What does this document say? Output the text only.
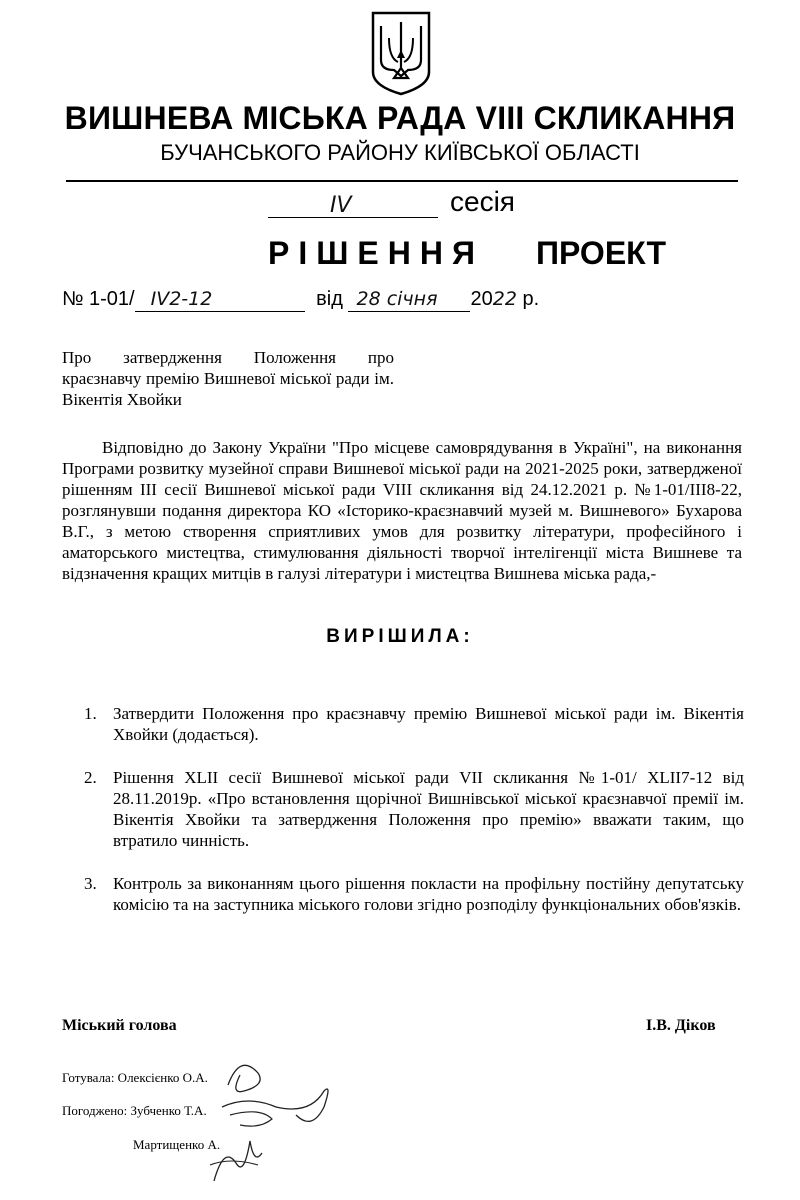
ВИШНЕВА МІСЬКА РАДА VIII СКЛИКАННЯ
БУЧАНСЬКОГО РАЙОНУ КИЇВСЬКОЇ ОБЛАСТІ
IV	сесія
РІШЕННЯ ПРОЕКТ
№ 1-01/ IV2-12	від 28 січня 2022 р.
Про затвердження Положення про краєзнавчу премію Вишневої міської ради ім. Вікентія Хвойки
Відповідно до Закону України "Про місцеве самоврядування в Україні", на виконання Програми розвитку музейної справи Вишневої міської ради на 2021-2025 роки, затвердженої рішенням III сесії Вишневої міської ради VIII скликання від 24.12.2021 р. №1-01/III8-22, розглянувши подання директора КО «Історико-краєзнавчий музей м. Вишневого» Бухарова В.Г., з метою створення сприятливих умов для розвитку літератури, професійного і аматорського мистецтва, стимулювання діяльності творчої інтелігенції міста Вишневе та відзначення кращих митців в галузі літератури і мистецтва Вишнева міська рада,-
ВИРІШИЛА:
1. Затвердити Положення про краєзнавчу премію Вишневої міської ради ім. Вікентія Хвойки (додається).
2. Рішення XLII сесії Вишневої міської ради VII скликання №1-01/ XLII7-12 від 28.11.2019р. «Про встановлення щорічної Вишнівської міської краєзнавчої премії ім. Вікентія Хвойки та затвердження Положення про премію» вважати таким, що втратило чинність.
3. Контроль за виконанням цього рішення покласти на профільну постійну депутатську комісію та на заступника міського голови згідно розподілу функціональних обов'язків.
Міський голова	І.В. Діков
Готувала: Олексієнко О.А.
Погоджено: Зубченко Т.А.
Мартищенко А.
